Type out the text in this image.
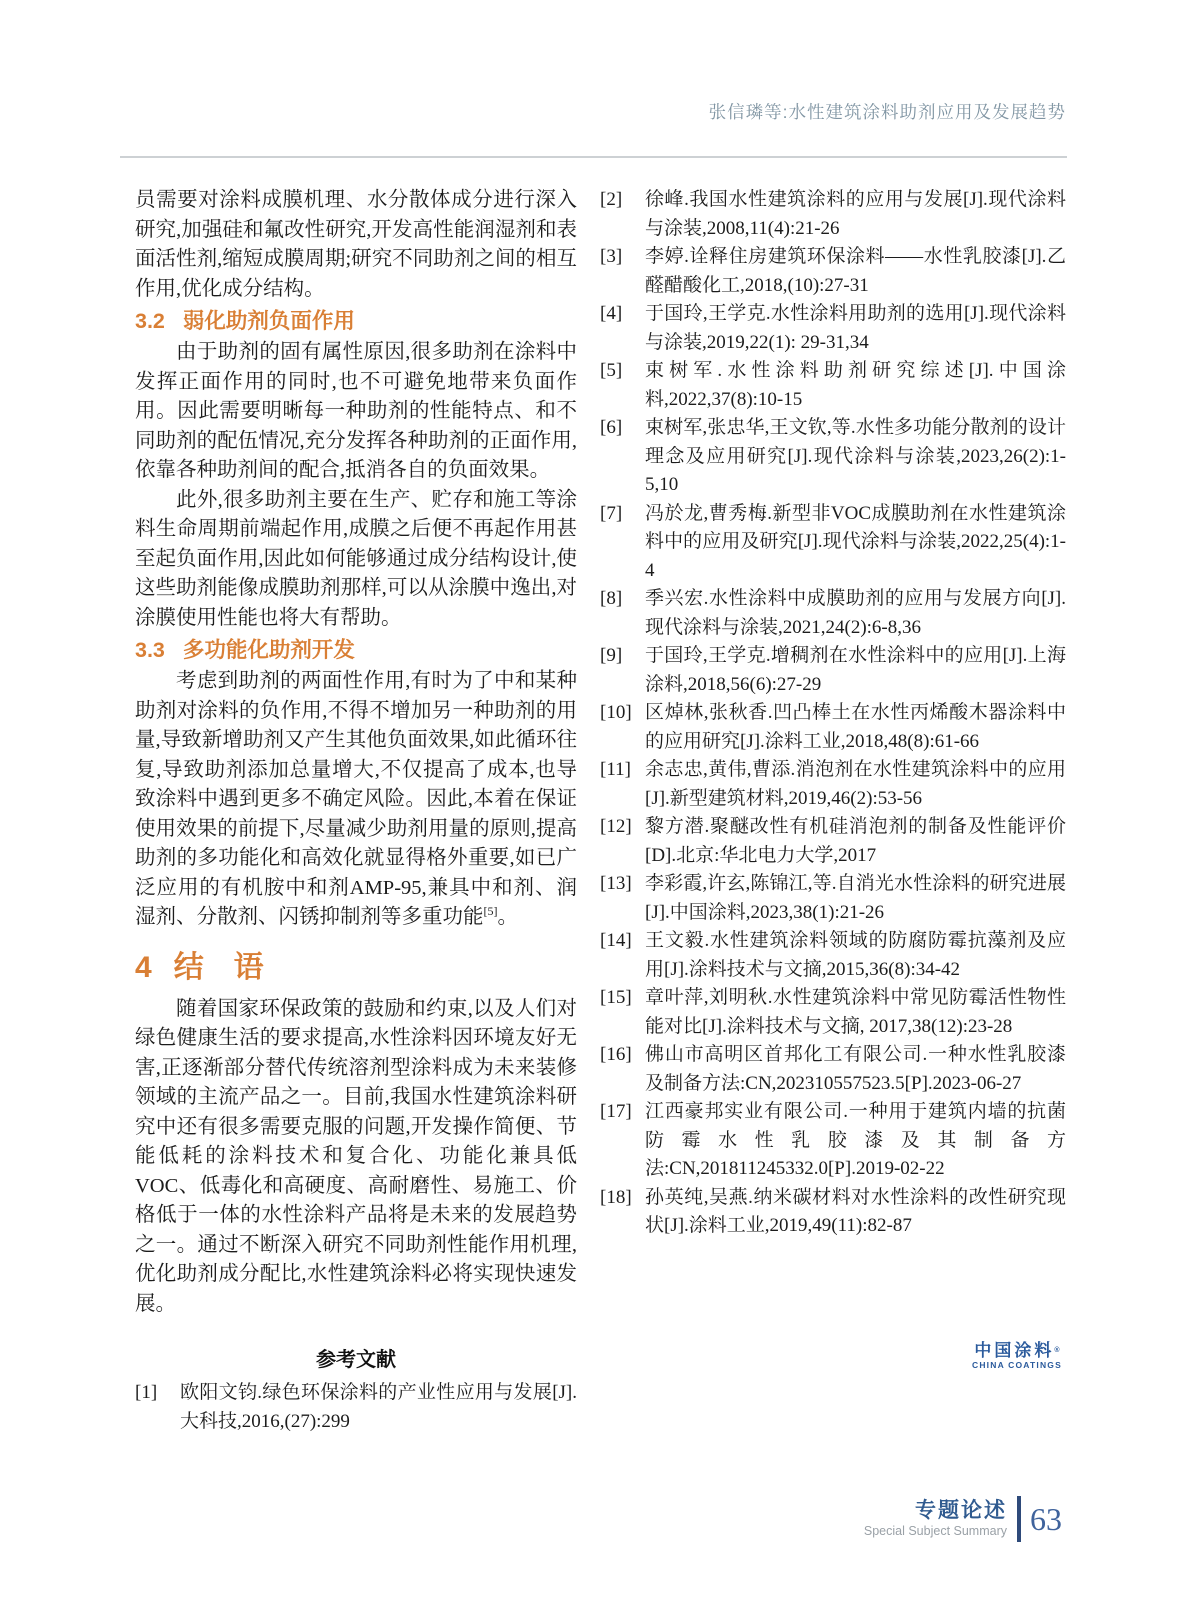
张信璘等:水性建筑涂料助剂应用及发展趋势

员需要对涂料成膜机理、水分散体成分进行深入研究,加强硅和氟改性研究,开发高性能润湿剂和表面活性剂,缩短成膜周期;研究不同助剂之间的相互作用,优化成分结构。

3.2 弱化助剂负面作用

由于助剂的固有属性原因,很多助剂在涂料中发挥正面作用的同时,也不可避免地带来负面作用。因此需要明晰每一种助剂的性能特点、和不同助剂的配伍情况,充分发挥各种助剂的正面作用,依靠各种助剂间的配合,抵消各自的负面效果。

此外,很多助剂主要在生产、贮存和施工等涂料生命周期前端起作用,成膜之后便不再起作用甚至起负面作用,因此如何能够通过成分结构设计,使这些助剂能像成膜助剂那样,可以从涂膜中逸出,对涂膜使用性能也将大有帮助。

3.3 多功能化助剂开发

考虑到助剂的两面性作用,有时为了中和某种助剂对涂料的负作用,不得不增加另一种助剂的用量,导致新增助剂又产生其他负面效果,如此循环往复,导致助剂添加总量增大,不仅提高了成本,也导致涂料中遇到更多不确定风险。因此,本着在保证使用效果的前提下,尽量减少助剂用量的原则,提高助剂的多功能化和高效化就显得格外重要,如已广泛应用的有机胺中和剂AMP-95,兼具中和剂、润湿剂、分散剂、闪锈抑制剂等多重功能[5]。

4 结　语

随着国家环保政策的鼓励和约束,以及人们对绿色健康生活的要求提高,水性涂料因环境友好无害,正逐渐部分替代传统溶剂型涂料成为未来装修领域的主流产品之一。目前,我国水性建筑涂料研究中还有很多需要克服的问题,开发操作简便、节能低耗的涂料技术和复合化、功能化兼具低VOC、低毒化和高硬度、高耐磨性、易施工、价格低于一体的水性涂料产品将是未来的发展趋势之一。通过不断深入研究不同助剂性能作用机理,优化助剂成分配比,水性建筑涂料必将实现快速发展。

参考文献

[1] 欧阳文钧.绿色环保涂料的产业性应用与发展[J].大科技,2016,(27):299

[2] 徐峰.我国水性建筑涂料的应用与发展[J].现代涂料与涂装,2008,11(4):21-26

[3] 李婷.诠释住房建筑环保涂料——水性乳胶漆[J].乙醛醋酸化工,2018,(10):27-31

[4] 于国玲,王学克.水性涂料用助剂的选用[J].现代涂料与涂装,2019,22(1): 29-31,34

[5] 束树军.水性涂料助剂研究综述[J].中国涂料,2022,37(8):10-15

[6] 束树军,张忠华,王文钦,等.水性多功能分散剂的设计理念及应用研究[J].现代涂料与涂装,2023,26(2):1-5,10

[7] 冯於龙,曹秀梅.新型非VOC成膜助剂在水性建筑涂料中的应用及研究[J].现代涂料与涂装,2022,25(4):1-4

[8] 季兴宏.水性涂料中成膜助剂的应用与发展方向[J].现代涂料与涂装,2021,24(2):6-8,36

[9] 于国玲,王学克.增稠剂在水性涂料中的应用[J].上海涂料,2018,56(6):27-29

[10] 区焯林,张秋香.凹凸棒土在水性丙烯酸木器涂料中的应用研究[J].涂料工业,2018,48(8):61-66

[11] 余志忠,黄伟,曹添.消泡剂在水性建筑涂料中的应用[J].新型建筑材料,2019,46(2):53-56

[12] 黎方潜.聚醚改性有机硅消泡剂的制备及性能评价[D].北京:华北电力大学,2017

[13] 李彩霞,许玄,陈锦江,等.自消光水性涂料的研究进展[J].中国涂料,2023,38(1):21-26

[14] 王文毅.水性建筑涂料领域的防腐防霉抗藻剂及应用[J].涂料技术与文摘,2015,36(8):34-42

[15] 章叶萍,刘明秋.水性建筑涂料中常见防霉活性物性能对比[J].涂料技术与文摘, 2017,38(12):23-28

[16] 佛山市高明区首邦化工有限公司.一种水性乳胶漆及制备方法:CN,202310557523.5[P].2023-06-27

[17] 江西豪邦实业有限公司.一种用于建筑内墙的抗菌防霉水性乳胶漆及其制备方法:CN,201811245332.0[P].2019-02-22

[18] 孙英纯,吴燕.纳米碳材料对水性涂料的改性研究现状[J].涂料工业,2019,49(11):82-87

中国涂料®
CHINA COATINGS
专题论述
Special Subject Summary 63
